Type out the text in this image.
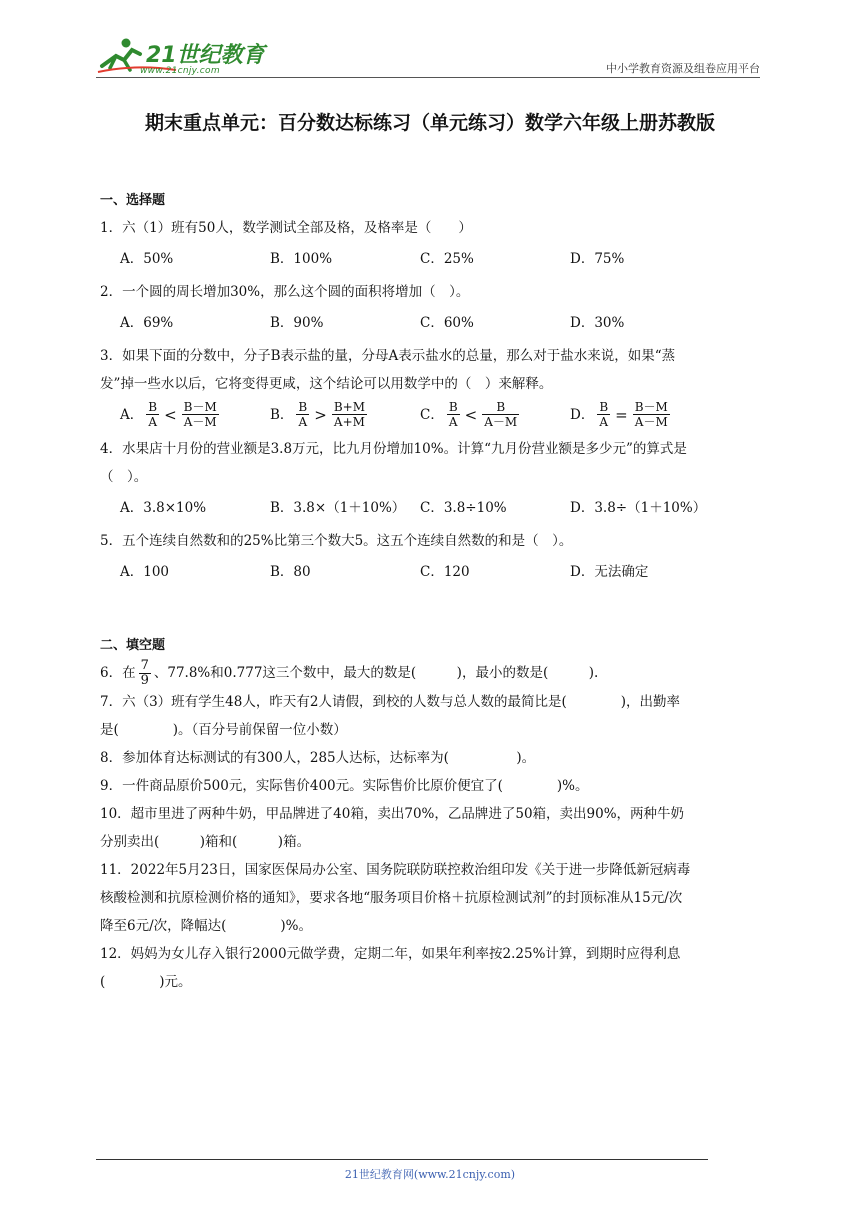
21世纪教育
www.21cnjy.com	中小学教育资源及组卷应用平台
期末重点单元：百分数达标练习（单元练习）数学六年级上册苏教版

一、选择题

1．六（1）班有50人，数学测试全部及格，及格率是（　　）

A．50%	B．100%	C．25%	D．75%

2．一个圆的周长增加30%，那么这个圆的面积将增加（　）。

A．69%	B．90%	C．60%	D．30%

3．如果下面的分数中，分子B表示盐的量，分母A表示盐水的总量，那么对于盐水来说，如果“蒸

发”掉一些水以后，它将变得更咸，这个结论可以用数学中的（　）来解释。

A． $\frac{B}{A} < \frac{B-M}{A-M}$	B． $\frac{B}{A} > \frac{B+M}{A+M}$	C． $\frac{B}{A} < \frac{B}{A-M}$	D． $\frac{B}{A} = \frac{B-M}{A-M}$

4．水果店十月份的营业额是3.8万元，比九月份增加10%。计算“九月份营业额是多少元”的算式是

（　）。

A．3.8×10%	B．3.8×（1＋10%）	C．3.8÷10%	D．3.8÷（1＋10%）

5．五个连续自然数和的25%比第三个数大5。这五个连续自然数的和是（　）。

A．100	B．80	C．120	D．无法确定

二、填空题

6．在 $\frac{7}{9}$ 、77.8%和0.777这三个数中，最大的数是(　　　)，最小的数是(　　　).

7．六（3）班有学生48人，昨天有2人请假，到校的人数与总人数的最简比是(　　　　)，出勤率

是(　　　　)。（百分号前保留一位小数）

8．参加体育达标测试的有300人，285人达标，达标率为(　　　　　)。

9．一件商品原价500元，实际售价400元。实际售价比原价便宜了(　　　　)%。

10．超市里进了两种牛奶，甲品牌进了40箱，卖出70%，乙品牌进了50箱，卖出90%，两种牛奶

分别卖出(　　　)箱和(　　　)箱。

11．2022年5月23日，国家医保局办公室、国务院联防联控救治组印发《关于进一步降低新冠病毒

核酸检测和抗原检测价格的通知》，要求各地“服务项目价格＋抗原检测试剂”的封顶标准从15元/次

降至6元/次，降幅达(　　　　)%。

12．妈妈为女儿存入银行2000元做学费，定期二年，如果年利率按2.25%计算，到期时应得利息

(　　　　)元。

21世纪教育网(www.21cnjy.com)
